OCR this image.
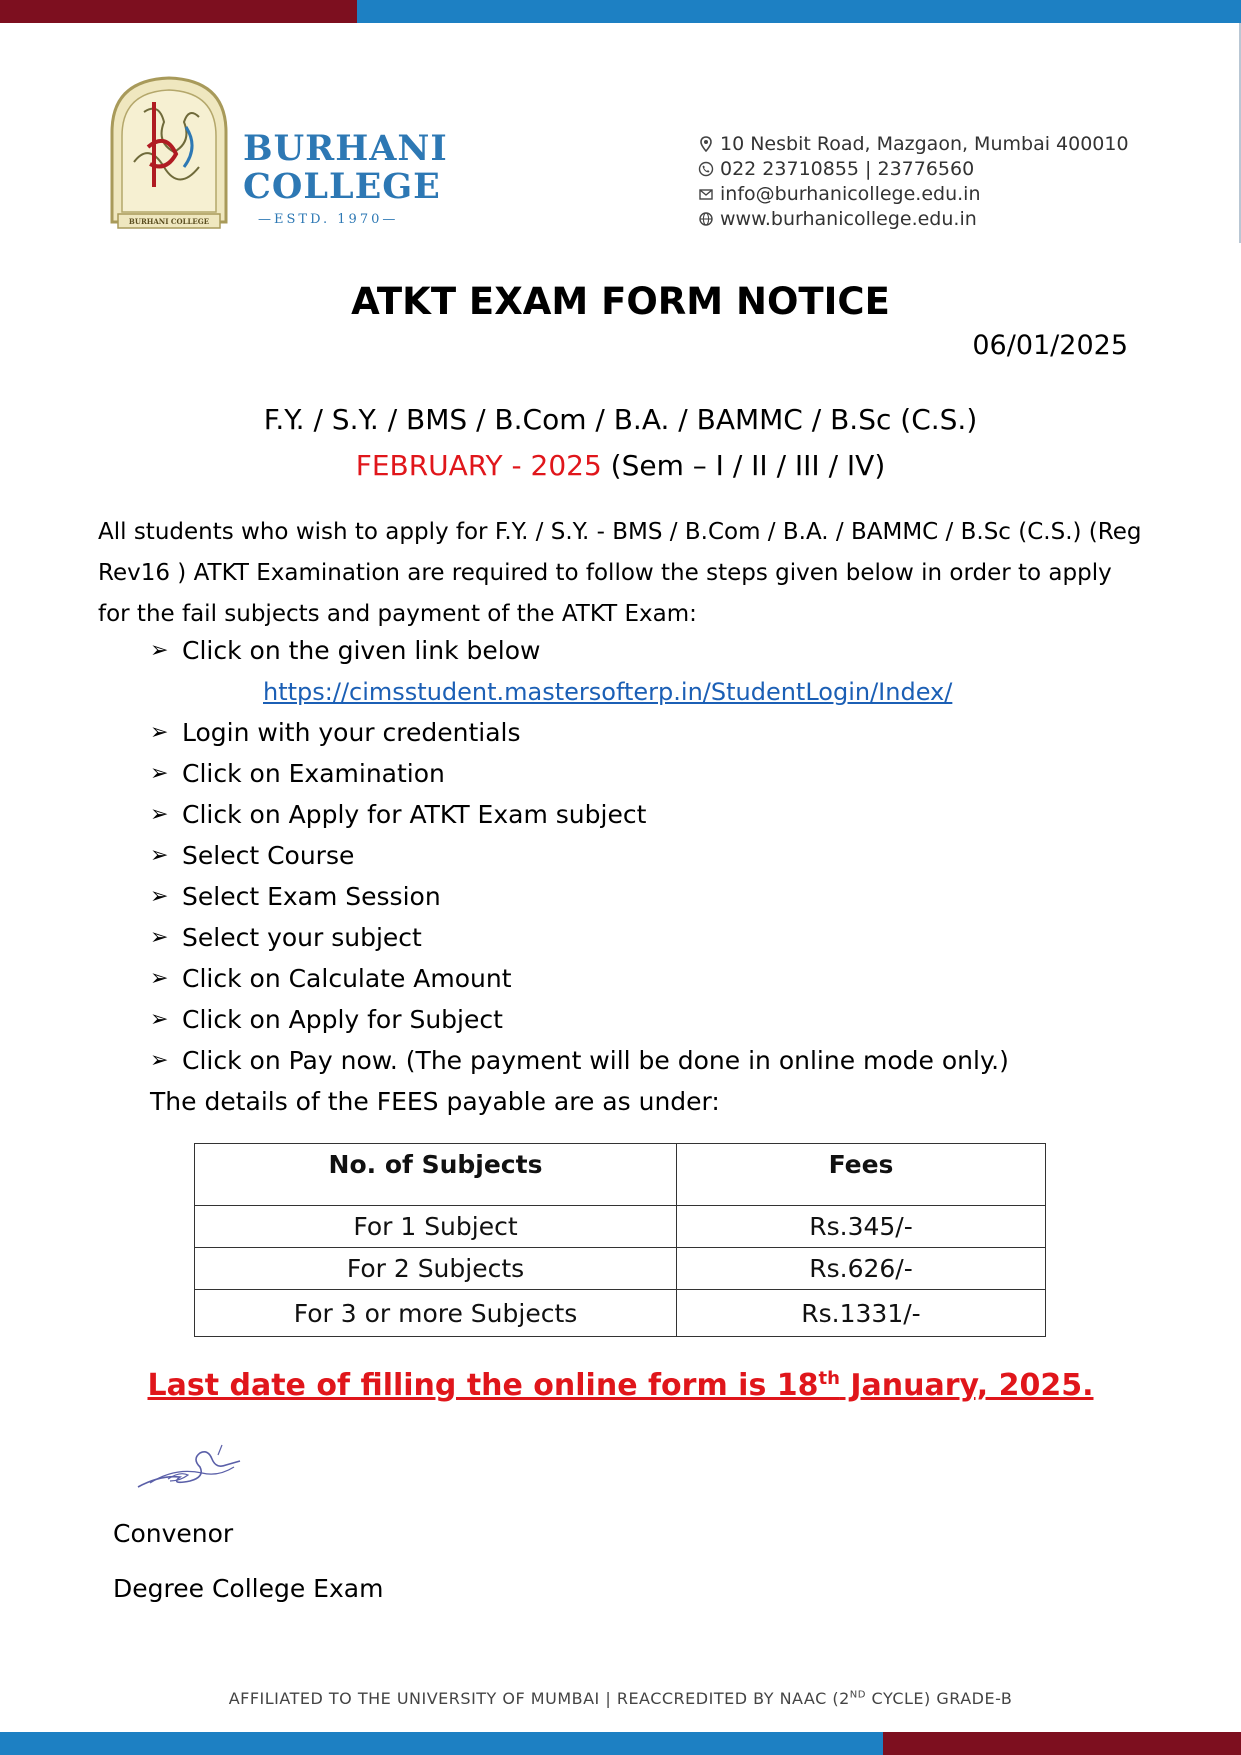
BURHANI COLLEGE
BURHANI
COLLEGE
—ESTD. 1970—
10 Nesbit Road, Mazgaon, Mumbai 400010
022 23710855 | 23776560
info@burhanicollege.edu.in
www.burhanicollege.edu.in
ATKT EXAM FORM NOTICE
06/01/2025
F.Y. / S.Y. / BMS / B.Com / B.A. / BAMMC / B.Sc (C.S.)
FEBRUARY - 2025 (Sem – I / II / III / IV)
All students who wish to apply for F.Y. / S.Y. - BMS / B.Com / B.A. / BAMMC / B.Sc (C.S.) (Reg Rev16 ) ATKT Examination are required to follow the steps given below in order to apply for the fail subjects and payment of the ATKT Exam:
➢ Click on the given link below
https://cimsstudent.mastersofterp.in/StudentLogin/Index/
➢ Login with your credentials
➢ Click on Examination
➢ Click on Apply for ATKT Exam subject
➢ Select Course
➢ Select Exam Session
➢ Select your subject
➢ Click on Calculate Amount
➢ Click on Apply for Subject
➢ Click on Pay now. (The payment will be done in online mode only.)
The details of the FEES payable are as under:
No. of Subjects	Fees
For 1 Subject	Rs.345/-
For 2 Subjects	Rs.626/-
For 3 or more Subjects	Rs.1331/-
Last date of filling the online form is 18th January, 2025.
Convenor
Degree College Exam
AFFILIATED TO THE UNIVERSITY OF MUMBAI | REACCREDITED BY NAAC (2ND CYCLE) GRADE-B
